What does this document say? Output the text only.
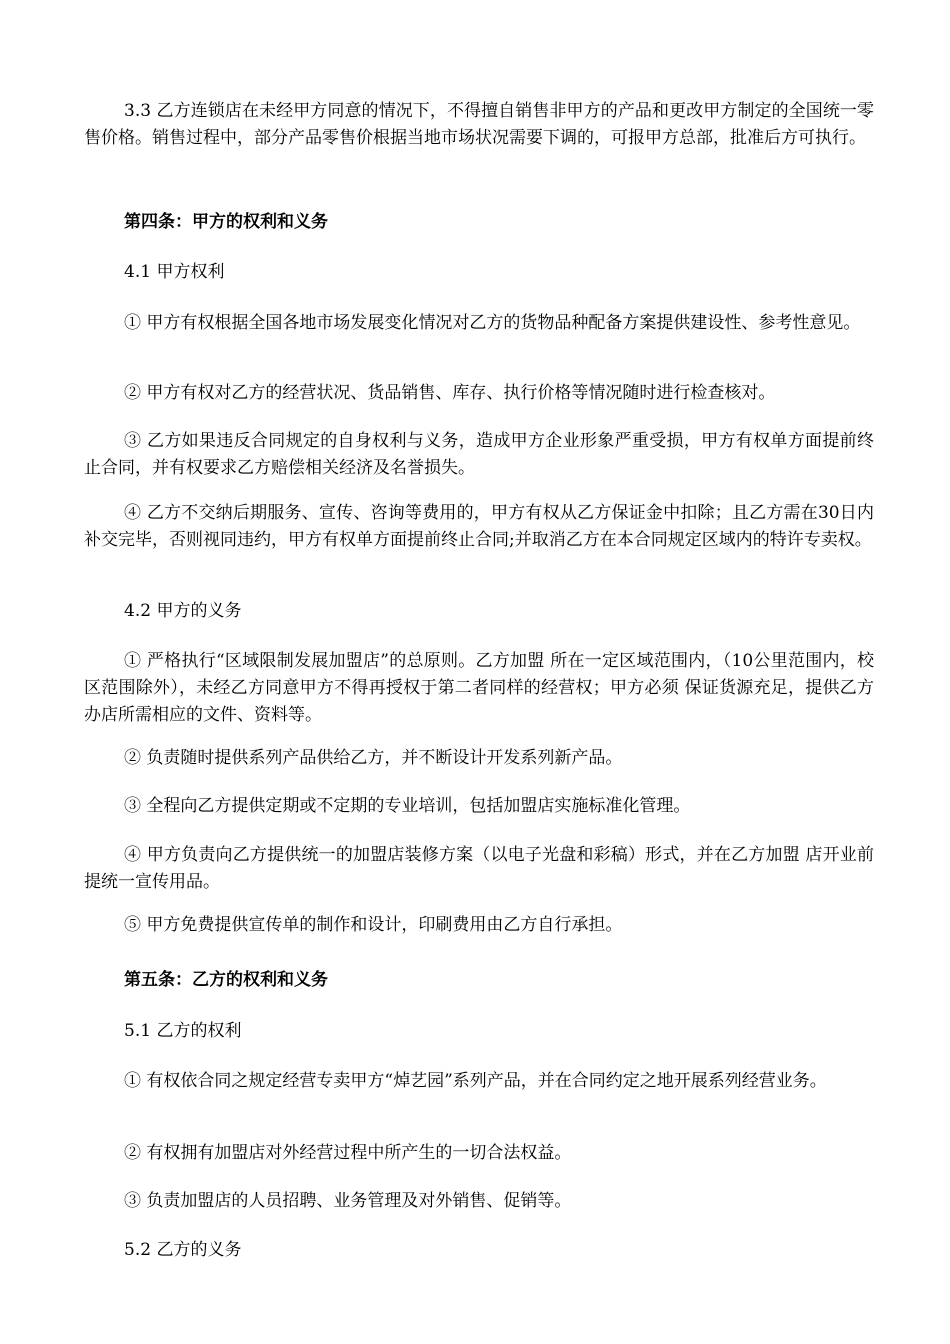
3.3 乙方连锁店在未经甲方同意的情况下，不得擅自销售非甲方的产品和更改甲方制定的全国统一零售价格。销售过程中，部分产品零售价根据当地市场状况需要下调的，可报甲方总部，批准后方可执行。

第四条：甲方的权利和义务

4.1 甲方权利

① 甲方有权根据全国各地市场发展变化情况对乙方的货物品种配备方案提供建设性、参考性意见。

② 甲方有权对乙方的经营状况、货品销售、库存、执行价格等情况随时进行检查核对。

③ 乙方如果违反合同规定的自身权利与义务，造成甲方企业形象严重受损，甲方有权单方面提前终止合同，并有权要求乙方赔偿相关经济及名誉损失。

④ 乙方不交纳后期服务、宣传、咨询等费用的，甲方有权从乙方保证金中扣除；且乙方需在30日内补交完毕，否则视同违约，甲方有权单方面提前终止合同;并取消乙方在本合同规定区域内的特许专卖权。

4.2 甲方的义务

① 严格执行“区域限制发展加盟店”的总原则。乙方加盟 所在一定区域范围内，（10公里范围内，校区范围除外），未经乙方同意甲方不得再授权于第二者同样的经营权；甲方必须 保证货源充足，提供乙方办店所需相应的文件、资料等。

② 负责随时提供系列产品供给乙方，并不断设计开发系列新产品。

③ 全程向乙方提供定期或不定期的专业培训，包括加盟店实施标准化管理。

④ 甲方负责向乙方提供统一的加盟店装修方案（以电子光盘和彩稿）形式，并在乙方加盟 店开业前提统一宣传用品。

⑤ 甲方免费提供宣传单的制作和设计，印刷费用由乙方自行承担。

第五条：乙方的权利和义务

5.1 乙方的权利

① 有权依合同之规定经营专卖甲方“焯艺园”系列产品，并在合同约定之地开展系列经营业务。

② 有权拥有加盟店对外经营过程中所产生的一切合法权益。

③ 负责加盟店的人员招聘、业务管理及对外销售、促销等。

5.2 乙方的义务
